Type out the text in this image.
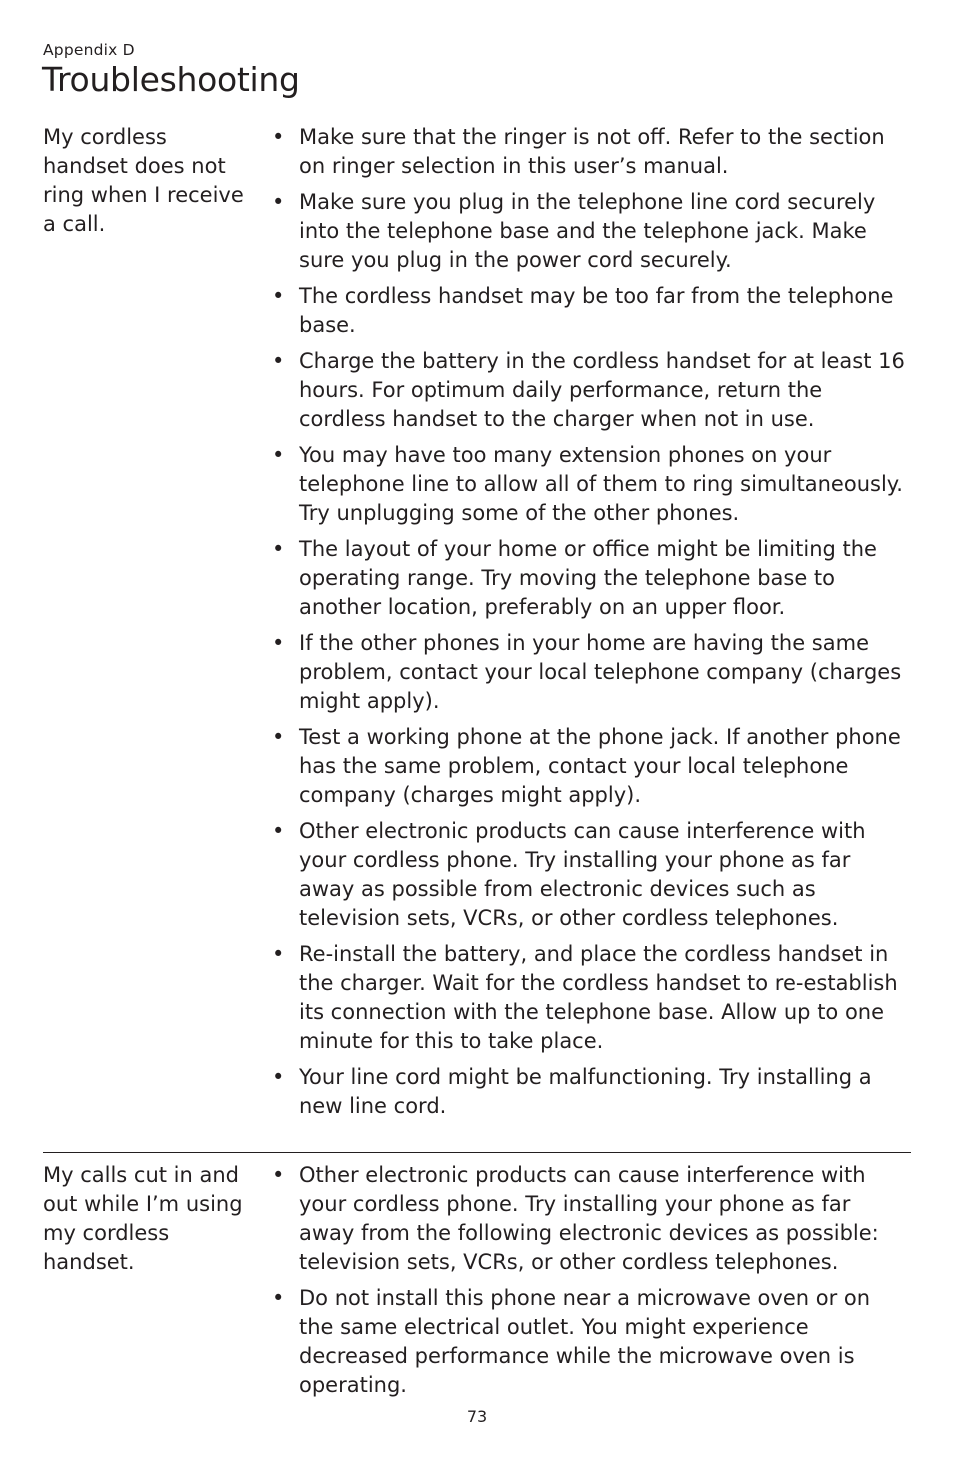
Appendix D
Troubleshooting
My cordless handset does not ring when I receive a call.
• Make sure that the ringer is not off. Refer to the section on ringer selection in this user’s manual.
• Make sure you plug in the telephone line cord securely into the telephone base and the telephone jack. Make sure you plug in the power cord securely.
• The cordless handset may be too far from the telephone base.
• Charge the battery in the cordless handset for at least 16 hours. For optimum daily performance, return the cordless handset to the charger when not in use.
• You may have too many extension phones on your telephone line to allow all of them to ring simultaneously. Try unplugging some of the other phones.
• The layout of your home or office might be limiting the operating range. Try moving the telephone base to another location, preferably on an upper floor.
• If the other phones in your home are having the same problem, contact your local telephone company (charges might apply).
• Test a working phone at the phone jack. If another phone has the same problem, contact your local telephone company (charges might apply).
• Other electronic products can cause interference with your cordless phone. Try installing your phone as far away as possible from electronic devices such as television sets, VCRs, or other cordless telephones.
• Re-install the battery, and place the cordless handset in the charger. Wait for the cordless handset to re-establish its connection with the telephone base. Allow up to one minute for this to take place.
• Your line cord might be malfunctioning. Try installing a new line cord.
My calls cut in and out while I’m using my cordless handset.
• Other electronic products can cause interference with your cordless phone. Try installing your phone as far away from the following electronic devices as possible: television sets, VCRs, or other cordless telephones.
• Do not install this phone near a microwave oven or on the same electrical outlet. You might experience decreased performance while the microwave oven is operating.
73
